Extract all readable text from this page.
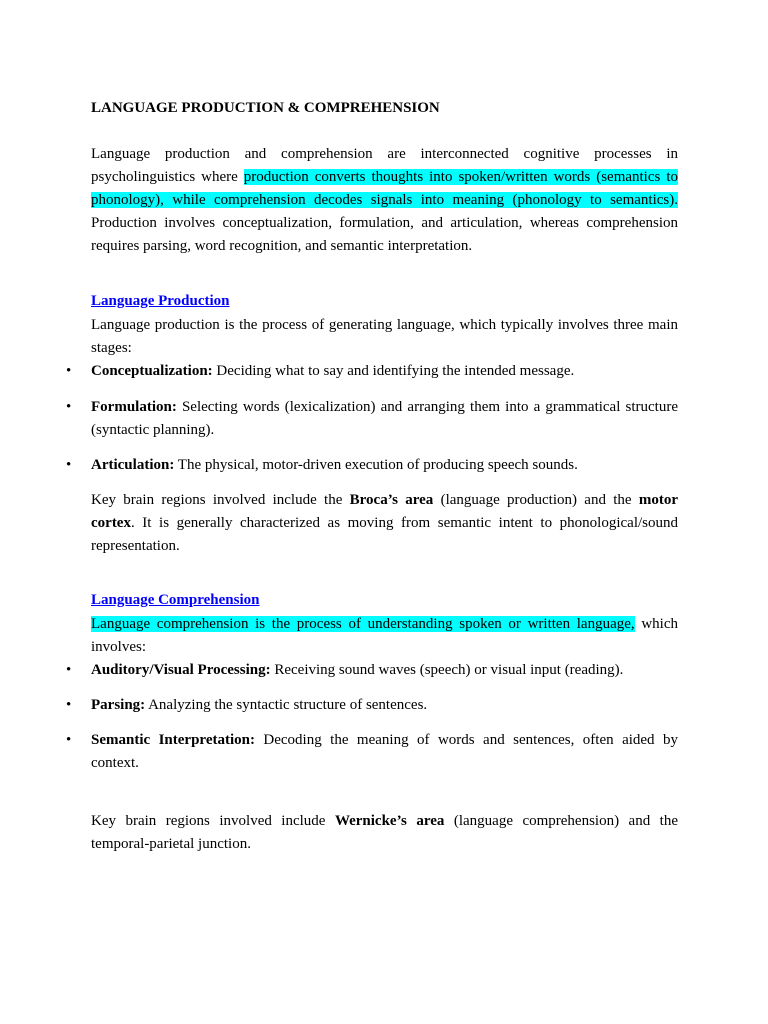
LANGUAGE PRODUCTION & COMPREHENSION

Language production and comprehension are interconnected cognitive processes in psycholinguistics where production converts thoughts into spoken/written words (semantics to phonology), while comprehension decodes signals into meaning (phonology to semantics). Production involves conceptualization, formulation, and articulation, whereas comprehension requires parsing, word recognition, and semantic interpretation.

Language Production

Language production is the process of generating language, which typically involves three main stages:

• Conceptualization: Deciding what to say and identifying the intended message.

• Formulation: Selecting words (lexicalization) and arranging them into a grammatical structure (syntactic planning).

• Articulation: The physical, motor-driven execution of producing speech sounds.

Key brain regions involved include the Broca’s area (language production) and the motor cortex. It is generally characterized as moving from semantic intent to phonological/sound representation.

Language Comprehension

Language comprehension is the process of understanding spoken or written language, which involves:

• Auditory/Visual Processing: Receiving sound waves (speech) or visual input (reading).

• Parsing: Analyzing the syntactic structure of sentences.

• Semantic Interpretation: Decoding the meaning of words and sentences, often aided by context.

Key brain regions involved include Wernicke’s area (language comprehension) and the temporal-parietal junction.
